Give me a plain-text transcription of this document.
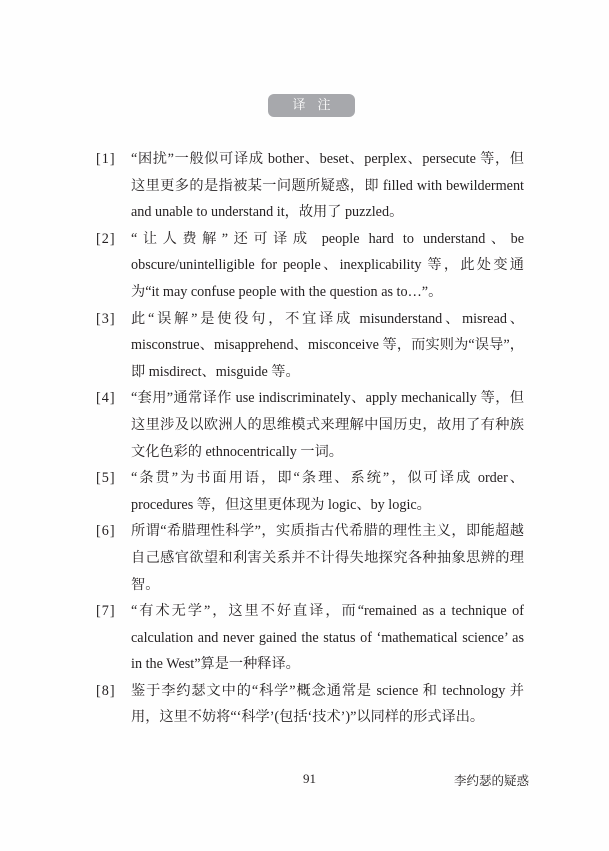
译注
[1]	“困扰”一般似可译成 bother、beset、perplex、persecute 等，但这里更多的是指被某一问题所疑惑，即 filled with bewilderment and unable to understand it，故用了 puzzled。
[2]	“让人费解”还可译成 people hard to understand、be obscure/unintelligible for people、inexplicability 等，此处变通为“it may confuse people with the question as to…”。
[3]	此“误解”是使役句，不宜译成 misunderstand、misread、misconstrue、misapprehend、misconceive 等，而实则为“误导”，即 misdirect、misguide 等。
[4]	“套用”通常译作 use indiscriminately、apply mechanically 等，但这里涉及以欧洲人的思维模式来理解中国历史，故用了有种族文化色彩的 ethnocentrically 一词。
[5]	“条贯”为书面用语，即“条理、系统”，似可译成 order、procedures 等，但这里更体现为 logic、by logic。
[6]	所谓“希腊理性科学”，实质指古代希腊的理性主义，即能超越自己感官欲望和利害关系并不计得失地探究各种抽象思辨的理智。
[7]	“有术无学”，这里不好直译，而“remained as a technique of calculation and never gained the status of ‘mathematical science’ as in the West”算是一种释译。
[8]	鉴于李约瑟文中的“科学”概念通常是 science 和 technology 并用，这里不妨将“‘科学’(包括‘技术’)”以同样的形式译出。
91	李约瑟的疑惑
